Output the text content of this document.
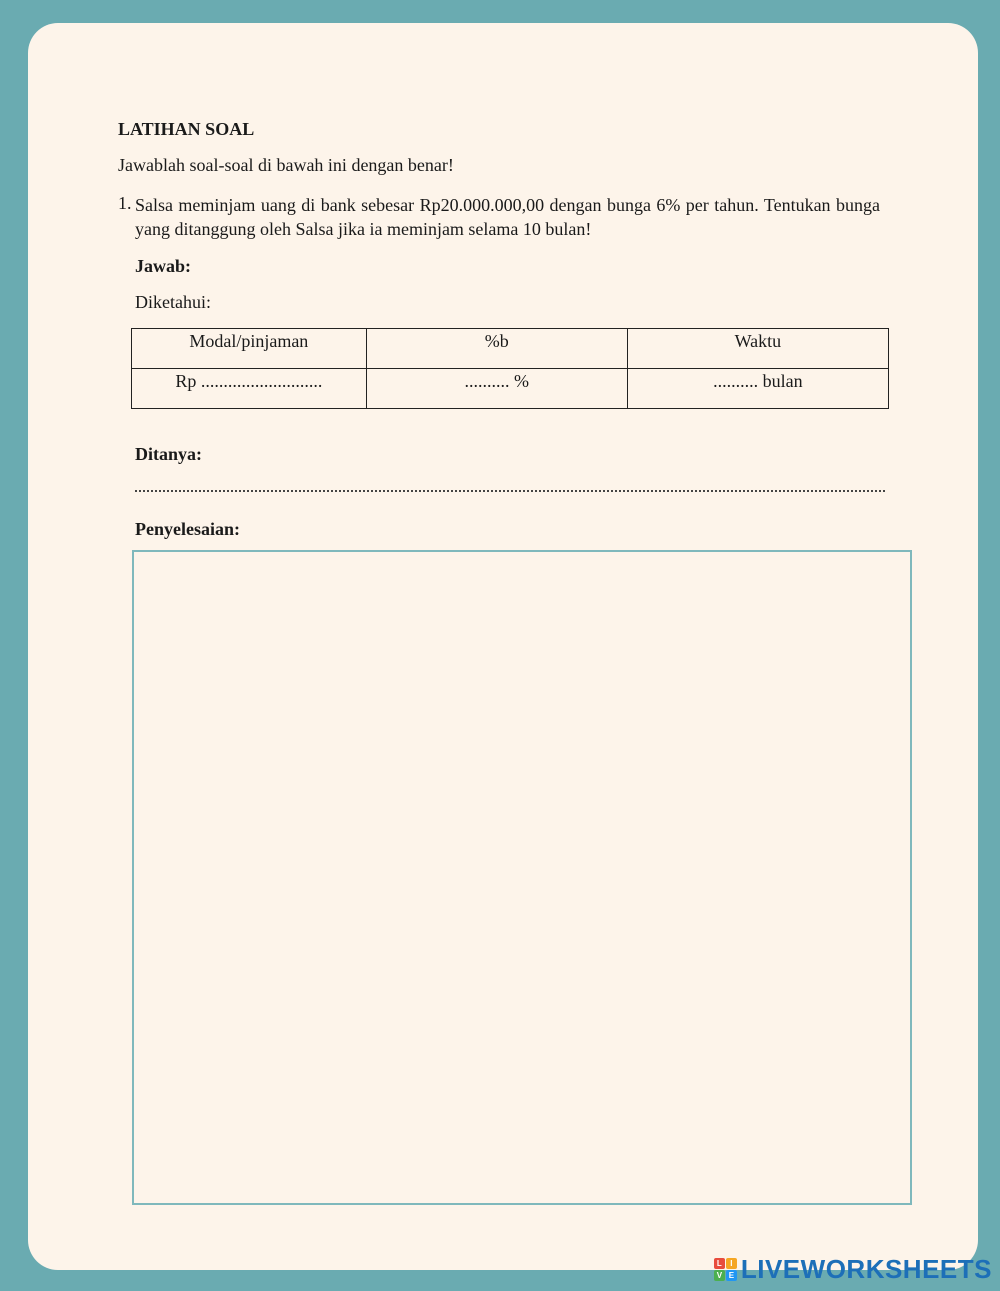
LATIHAN SOAL
Jawablah soal-soal di bawah ini dengan benar!
1. Salsa meminjam uang di bank sebesar Rp20.000.000,00 dengan bunga 6% per tahun. Tentukan bunga yang ditanggung oleh Salsa jika ia meminjam selama 10 bulan!
Jawab:
Diketahui:
Modal/pinjaman	%b	Waktu
Rp ...........................	.......... %	.......... bulan
Ditanya:
Penyelesaian:
L	I
V E LIVEWORKSHEETS
